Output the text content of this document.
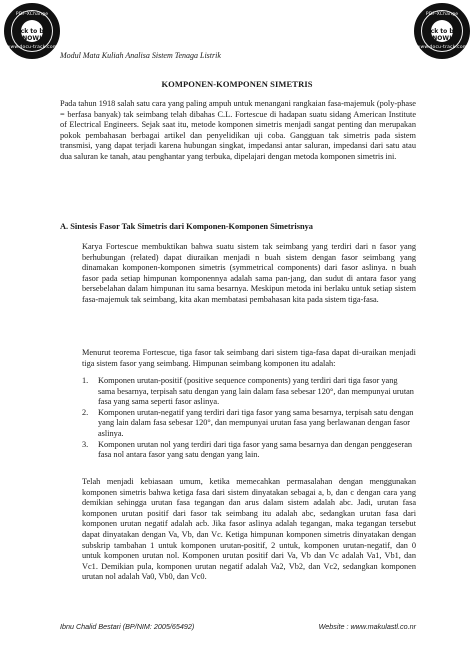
PDF-XChange
Click to buy NOW!
www.docu-track.com
PDF-XChange
Click to buy NOW!
www.docu-track.com
Modul Mata Kuliah Analisa Sistem Tenaga Listrik
KOMPONEN-KOMPONEN SIMETRIS
Pada tahun 1918 salah satu cara yang paling ampuh untuk menangani rangkaian fasa-majemuk (poly-phase = berfasa banyak) tak seimbang telah dibahas C.L. Fortescue di hadapan suatu sidang American Institute of Electrical Engineers. Sejak saat itu, metode komponen simetris menjadi sangat penting dan merupakan pokok pembahasan berbagai artikel dan penyelidikan uji coba. Gangguan tak simetris pada sistem transmisi, yang dapat terjadi karena hubungan singkat, impedansi antar saluran, impedansi dari satu atau dua saluran ke tanah, atau penghantar yang terbuka, dipelajari dengan metoda komponen simetris ini.
A. Sintesis Fasor Tak Simetris dari Komponen-Komponen Simetrisnya
Karya Fortescue membuktikan bahwa suatu sistem tak seimbang yang terdiri dari n fasor yang berhubungan (related) dapat diuraikan menjadi n buah sistem dengan fasor seimbang yang dinamakan komponen-komponen simetris (symmetrical components) dari fasor aslinya. n buah fasor pada setiap himpunan komponennya adalah sama pan-jang, dan sudut di antara fasor yang bersebelahan dalam himpunan itu sama besarnya. Meskipun metoda ini berlaku untuk setiap sistem fasa-majemuk tak seimbang, kita akan membatasi pembahasan kita pada sistem tiga-fasa.
Menurut teorema Fortescue, tiga fasor tak seimbang dari sistem tiga-fasa dapat di-uraikan menjadi tiga sistem fasor yang seimbang. Himpunan seimbang komponen itu adalah:
1. Komponen urutan-positif (positive sequence components) yang terdiri dari tiga fasor yang sama besarnya, terpisah satu dengan yang lain dalam fasa sebesar 120°, dan mempunyai urutan fasa yang sama seperti fasor aslinya.
2. Komponen urutan-negatif yang terdiri dari tiga fasor yang sama besarnya, terpisah satu dengan yang lain dalam fasa sebesar 120°, dan mempunyai urutan fasa yang berlawanan dengan fasor aslinya.
3. Komponen urutan nol yang terdiri dari tiga fasor yang sama besarnya dan dengan penggeseran fasa nol antara fasor yang satu dengan yang lain.
Telah menjadi kebiasaan umum, ketika memecahkan permasalahan dengan menggunakan komponen simetris bahwa ketiga fasa dari sistem dinyatakan sebagai a, b, dan c dengan cara yang demikian sehingga urutan fasa tegangan dan arus dalam sistem adalah abc. Jadi, urutan fasa komponen urutan positif dari fasor tak seimbang itu adalah abc, sedangkan urutan fasa dari komponen urutan negatif adalah acb. Jika fasor aslinya adalah tegangan, maka tegangan tersebut dapat dinyatakan dengan Va, Vb, dan Vc. Ketiga himpunan komponen simetris dinyatakan dengan subskrip tambahan 1 untuk komponen urutan-positif, 2 untuk, komponen urutan-negatif, dan 0 untuk komponen urutan nol. Komponen urutan positif dari Va, Vb dan Vc adalah Va1, Vb1, dan Vc1. Demikian pula, komponen urutan negatif adalah Va2, Vb2, dan Vc2, sedangkan komponen urutan nol adalah Va0, Vb0, dan Vc0.
Ibnu Chalid Bestari (BP/NIM: 2005/65492)	Website : www.makulastl.co.nr
